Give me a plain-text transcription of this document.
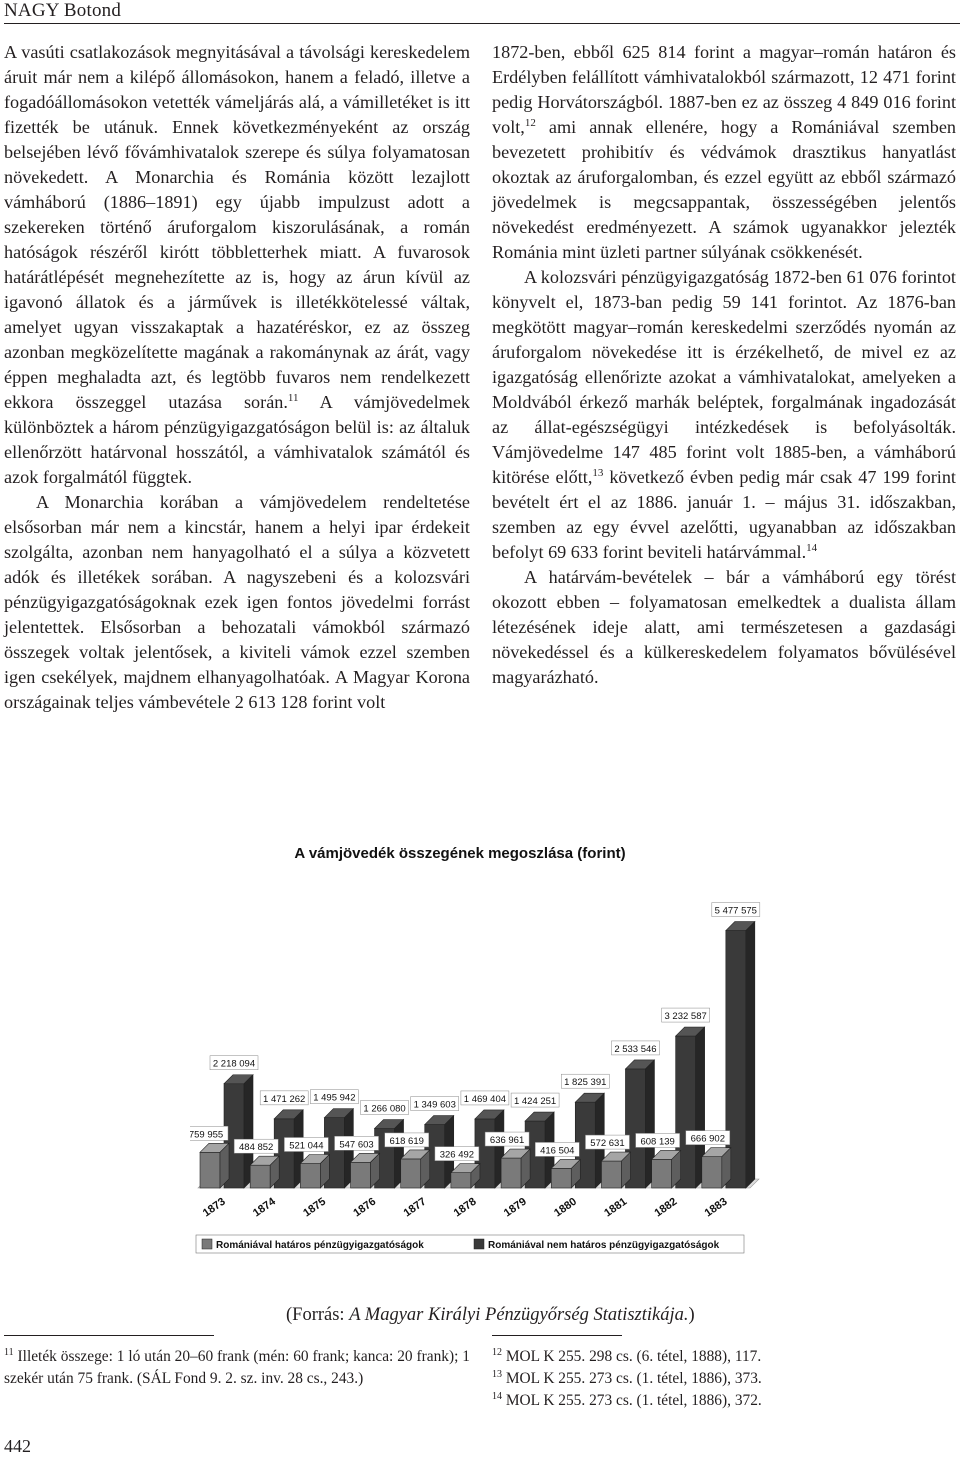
NAGY Botond

A vasúti csatlakozások megnyitásával a távolsági kereskedelem áruit már nem a kilépő állomásokon, hanem a feladó, illetve a fogadóállomásokon vetették vámeljárás alá, a vámilletéket is itt fizették be utánuk. Ennek következményeként az ország belsejében lévő fővámhivatalok szerepe és súlya folyamatosan növekedett. A Monarchia és Románia között lezajlott vámháború (1886–1891) egy újabb impulzust adott a szekereken történő áruforgalom kiszorulásának, a román hatóságok részéről kirótt többletterhek miatt. A fuvarosok határátlépését megnehezítette az is, hogy az árun kívül az igavonó állatok és a járművek is illetékkötelessé váltak, amelyet ugyan visszakaptak a hazatéréskor, ez az összeg azonban megközelítette magának a rakománynak az árát, vagy éppen meghaladta azt, és legtöbb fuvaros nem rendelkezett ekkora összeggel utazása során.$^{11}$ A vámjövedelmek különböztek a három pénzügyigazgatóságon belül is: az általuk ellenőrzött határvonal hosszától, a vámhivatalok számától és azok forgalmától függtek.

A Monarchia korában a vámjövedelem rendeltetése elsősorban már nem a kincstár, hanem a helyi ipar érdekeit szolgálta, azonban nem hanyagolható el a súlya a közvetett adók és illetékek sorában. A nagyszebeni és a kolozsvári pénzügyigazgatóságoknak ezek igen fontos jövedelmi forrást jelentettek. Elsősorban a behozatali vámokból származó összegek voltak jelentősek, a kiviteli vámok ezzel szemben igen csekélyek, majdnem elhanyagolhatóak. A Magyar Korona országainak teljes vámbevétele 2 613 128 forint volt

1872-ben, ebből 625 814 forint a magyar–román határon és Erdélyben felállított vámhivatalokból származott, 12 471 forint pedig Horvátországból. 1887-ben ez az összeg 4 849 016 forint volt,$^{12}$ ami annak ellenére, hogy a Romániával szemben bevezetett prohibitív és védvámok drasztikus hanyatlást okoztak az áruforgalomban, és ezzel együtt az ebből származó jövedelmek is megcsappantak, összességében jelentős növekedést eredményezett. A számok ugyanakkor jelezték Románia mint üzleti partner súlyának csökkenését.

A kolozsvári pénzügyigazgatóság 1872-ben 61 076 forintot könyvelt el, 1873-ban pedig 59 141 forintot. Az 1876-ban megkötött magyar–román kereskedelmi szerződés nyomán az áruforgalom növekedése itt is érzékelhető, de mivel ez az igazgatóság ellenőrizte azokat a vámhivatalokat, amelyeken a Moldvából érkező marhák beléptek, forgalmának ingadozását az állat-egészségügyi intézkedések is befolyásolták. Vámjövedelme 147 485 forint volt 1885-ben, a vámháború kitörése előtt,$^{13}$ következő évben pedig már csak 47 199 forint bevételt ért el az 1886. január 1. – május 31. időszakban, szemben az egy évvel azelőtti, ugyanabban az időszakban befolyt 69 633 forint beviteli határvámmal.$^{14}$

A határvám-bevételek – bár a vámháború egy törést okozott ebben – folyamatosan emelkedtek a dualista állam létezésének ideje alatt, ami természetesen a gazdasági növekedéssel és a külkereskedelem folyamatos bővülésével magyarázható.

A vámjövedék összegének megoszlása (forint)
2 218 094
759 955
1873
1 471 262
484 852
1874
1 495 942
521 044
1875
1 266 080
547 603
1876
1 349 603
618 619
1877
1 469 404
326 492
1878
1 424 251
636 961
1879
1 825 391
416 504
1880
2 533 546
572 631
1881
3 232 587
608 139
1882
5 477 575
666 902
1883
Romániával határos pénzügyigazgatóságok	Romániával nem határos pénzügyigazgatóságok
(Forrás: A Magyar Királyi Pénzügyőrség Statisztikája.)

$^{11}$ Illeték összege: 1 ló után 20–60 frank (mén: 60 frank; kanca: 20 frank); 1 szekér után 75 frank. (SÁL Fond 9. 2. sz. inv. 28 cs., 243.)

$^{12}$ MOL K 255. 298 cs. (6. tétel, 1888), 117.

$^{13}$ MOL K 255. 273 cs. (1. tétel, 1886), 373.

$^{14}$ MOL K 255. 273 cs. (1. tétel, 1886), 372.

442
